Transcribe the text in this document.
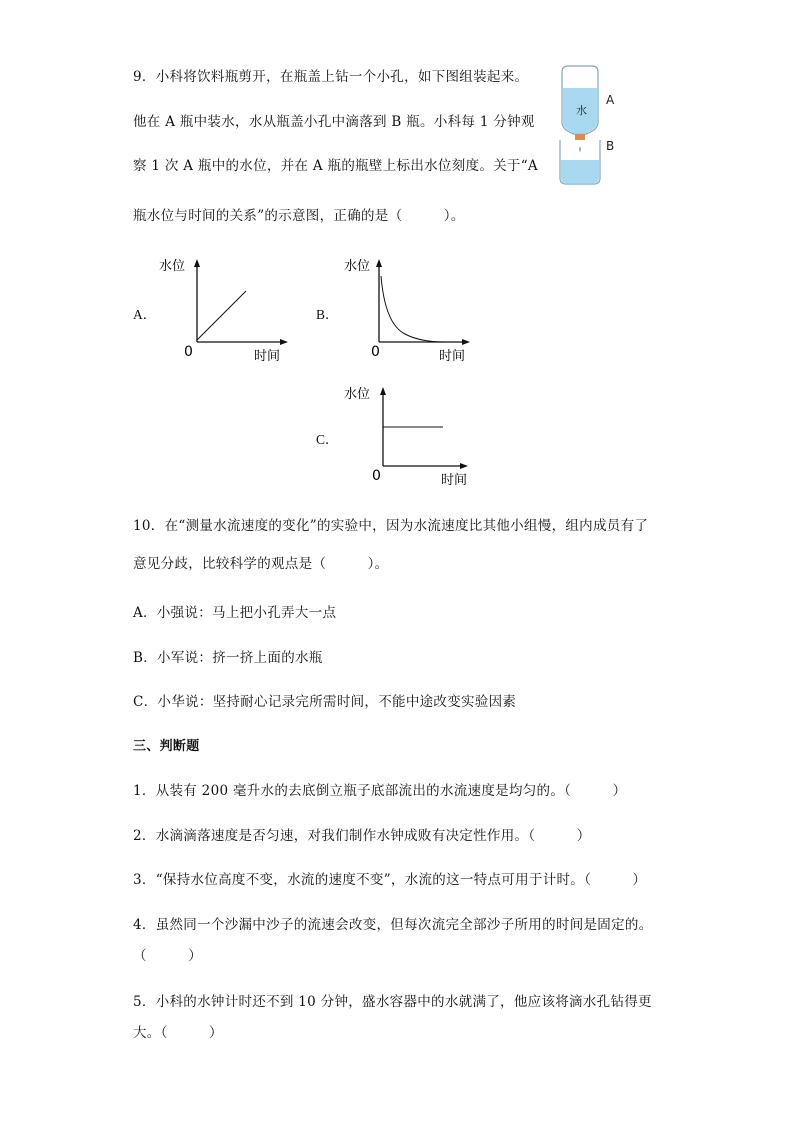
9．小科将饮料瓶剪开，在瓶盖上钻一个小孔，如下图组装起来。
他在 A 瓶中装水，水从瓶盖小孔中滴落到 B 瓶。小科每 1 分钟观
察 1 次 A 瓶中的水位，并在 A 瓶的瓶壁上标出水位刻度。关于“A
瓶水位与时间的关系”的示意图，正确的是（　　　）。
水
A
B
A．
水位
0	时间
B．
水位
0	时间
C．
水位
0	时间
10．在“测量水流速度的变化”的实验中，因为水流速度比其他小组慢，组内成员有了
意见分歧，比较科学的观点是（　　　）。
A．小强说：马上把小孔弄大一点
B．小军说：挤一挤上面的水瓶
C．小华说：坚持耐心记录完所需时间，不能中途改变实验因素
三、判断题
1．从装有 200 毫升水的去底倒立瓶子底部流出的水流速度是均匀的。（　　　）
2．水滴滴落速度是否匀速，对我们制作水钟成败有决定性作用。（　　　）
3．“保持水位高度不变，水流的速度不变”，水流的这一特点可用于计时。（　　　）
4．虽然同一个沙漏中沙子的流速会改变，但每次流完全部沙子所用的时间是固定的。
（　　　）
5．小科的水钟计时还不到 10 分钟，盛水容器中的水就满了，他应该将滴水孔钻得更
大。（　　　）
